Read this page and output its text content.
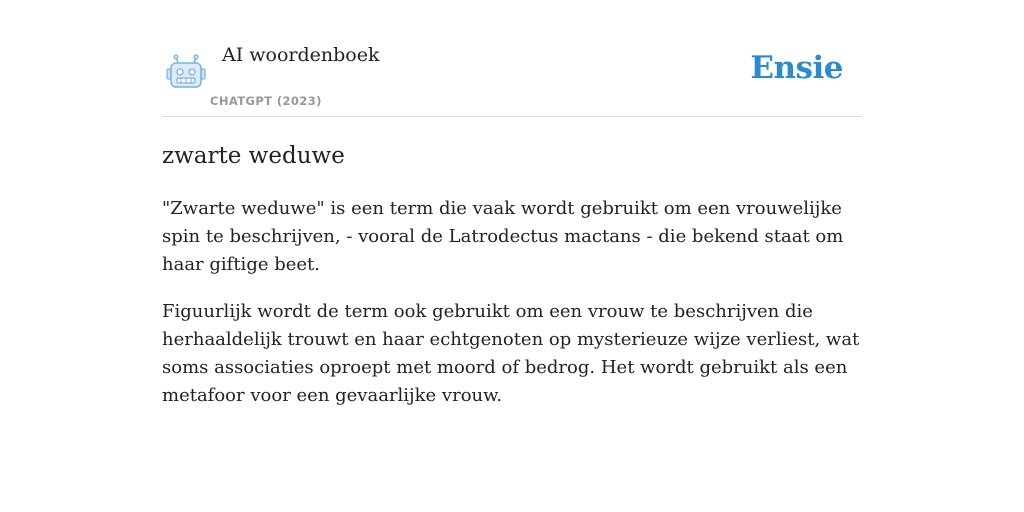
AI woordenboek
CHATGPT (2023)
Ensie
zwarte weduwe

"Zwarte weduwe" is een term die vaak wordt gebruikt om een vrouwelijke spin te beschrijven, - vooral de Latrodectus mactans - die bekend staat om haar giftige beet.

Figuurlijk wordt de term ook gebruikt om een vrouw te beschrijven die herhaaldelijk trouwt en haar echtgenoten op mysterieuze wijze verliest, wat soms associaties oproept met moord of bedrog. Het wordt gebruikt als een metafoor voor een gevaarlijke vrouw.
